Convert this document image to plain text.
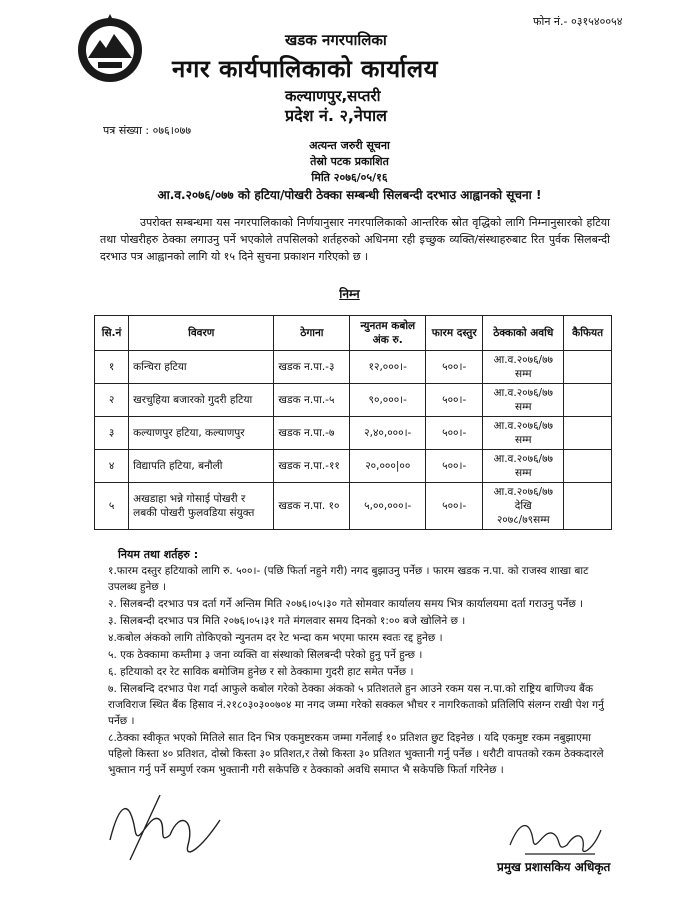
फोन नं.- ०३१५४००५४
खडक नगरपालिका
नगर कार्यपालिकाको कार्यालय
कल्याणपुर,सप्तरी
प्रदेश नं. २,नेपाल
पत्र संख्या : ०७६।०७७
अत्यन्त जरुरी सूचना
तेस्रो पटक प्रकाशित
मिति २०७६/०५/१६
आ.व.२०७६/०७७ को हटिया/पोखरी ठेक्का सम्बन्धी सिलबन्दी दरभाउ आह्वानको सूचना !
उपरोक्त सम्बन्धमा यस नगरपालिकाको निर्णयानुसार नगरपालिकाको आन्तरिक स्रोत वृद्धिको लागि निम्नानुसारको हटिया तथा पोखरीहरु ठेक्का लगाउनु पर्ने भएकोले तपसिलको शर्तहरुको अधिनमा रही इच्छुक व्यक्ति/संस्थाहरुबाट रित पुर्वक सिलबन्दी दरभाउ पत्र आह्वानको लागि यो १५ दिने सुचना प्रकाशन गरिएको छ ।
निम्न
सि.नं	विवरण	ठेगाना	न्युनतम कबोल अंक रु.	फारम दस्तुर	ठेक्काको अवधि	कैफियत
१	कन्चिरा हटिया	खडक न.पा.-३	१२,०००।-	५००।-	आ.व.२०७६/७७ सम्म	
२	खरचुहिया बजारको गुदरी हटिया	खडक न.पा.-५	९०,०००।-	५००।-	आ.व.२०७६/७७ सम्म	
३	कल्याणपुर हटिया, कल्याणपुर	खडक न.पा.-७	२,४०,०००।-	५००।-	आ.व.२०७६/७७ सम्म	
४	विद्यापति हटिया, बनौली	खडक न.पा.-११	२०,०००|००	५००।-	आ.व.२०७६/७७ सम्म	
५	अखडाहा भन्ने गोसाई पोखरी र लबकी पोखरी फुलवडिया संयुक्त	खडक न.पा. १०	५,००,०००।-	५००।-	आ.व.२०७६/७७ देखि २०७८/७९सम्म	
नियम तथा शर्तहरु :
१.फारम दस्तुर हटियाको लागि रु. ५००।- (पछि फिर्ता नहुने गरी) नगद बुझाउनु पर्नेछ । फारम खडक न.पा. को राजस्व शाखा बाट उपलब्ध हुनेछ ।
२. सिलबन्दी दरभाउ पत्र दर्ता गर्ने अन्तिम मिति २०७६।०५।३० गते सोमवार कार्यालय समय भित्र कार्यालयमा दर्ता गराउनु पर्नेछ ।
३. सिलबन्दी दरभाउ पत्र मिति २०७६।०५।३१ गते मंगलवार समय दिनको १:०० बजे खोलिने छ ।
४.कबोल अंकको लागि तोकिएको न्युनतम दर रेट भन्दा कम भएमा फारम स्वतः रद्द हुनेछ ।
५. एक ठेक्कामा कम्तीमा ३ जना व्यक्ति वा संस्थाको सिलबन्दी परेको हुनु पर्ने हुन्छ ।
६. हटियाको दर रेट साविक बमोजिम हुनेछ र सो ठेक्कामा गुदरी हाट समेत पर्नेछ ।
७. सिलबन्दि दरभाउ पेश गर्दा आफुले कबोल गरेको ठेक्का अंकको ५ प्रतिशतले हुन आउने रकम यस न.पा.को राष्ट्रिय बाणिज्य बैंक राजविराज स्थित बैंक हिसाव नं.२१८०३०३००७०४ मा नगद जम्मा गरेको सक्कल भौचर र नागरिकताको प्रतिलिपि संलग्न राखी पेश गर्नु पर्नेछ ।
८.ठेक्का स्वीकृत भएको मितिले सात दिन भित्र एकमुष्टरकम जम्मा गर्नेलाई १० प्रतिशत छुट दिइनेछ । यदि एकमुष्ट रकम नबुझाएमा पहिलो किस्ता ४० प्रतिशत, दोस्रो किस्ता ३० प्रतिशत,र तेस्रो किस्ता ३० प्रतिशत भुक्तानी गर्नु पर्नेछ । धरौटी वापतको रकम ठेक्कदारले भुक्तान गर्नु पर्ने सम्पुर्ण रकम भुक्तानी गरी सकेपछि र ठेक्काको अवधि समाप्त भै सकेपछि फिर्ता गरिनेछ ।
प्रमुख प्रशासकिय अधिकृत
